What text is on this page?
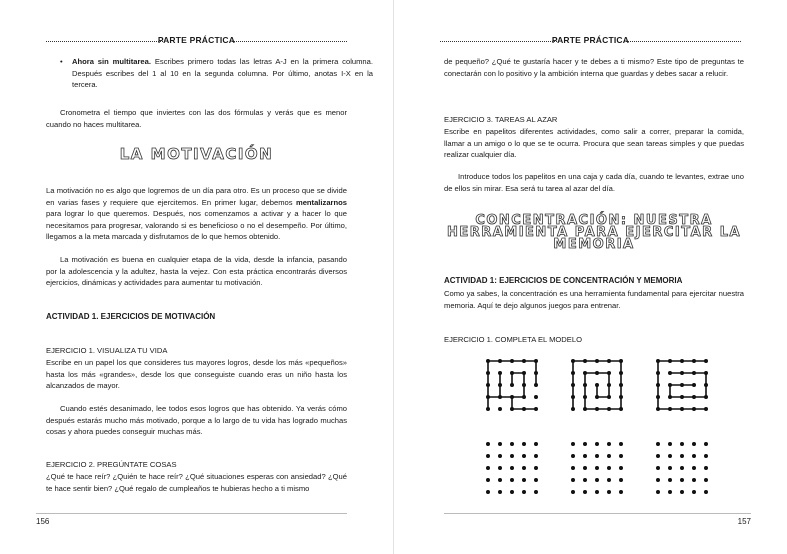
PARTE PRÁCTICA
• Ahora sin multitarea. Escribes primero todas las letras A-J en la primera columna. Después escribes del 1 al 10 en la segunda columna. Por último, anotas I-X en la tercera.
Cronometra el tiempo que inviertes con las dos fórmulas y verás que es menor cuando no haces multitarea.
LA MOTIVACIÓN
La motivación no es algo que logremos de un día para otro. Es un proceso que se divide en varias fases y requiere que ejercitemos. En primer lugar, debemos mentalizarnos para lograr lo que queremos. Después, nos comenzamos a activar y a hacer lo que necesitamos para progresar, valorando si es beneficioso o no el desempeño. Por último, llegamos a la meta marcada y disfrutamos de lo que hemos obtenido.
La motivación es buena en cualquier etapa de la vida, desde la infancia, pasando por la adolescencia y la adultez, hasta la vejez. Con esta práctica encontrarás diversos ejercicios, dinámicas y actividades para aumentar tu motivación.
ACTIVIDAD 1. EJERCICIOS DE MOTIVACIÓN
EJERCICIO 1. VISUALIZA TU VIDA
Escribe en un papel los que consideres tus mayores logros, desde los más «pequeños» hasta los más «grandes», desde los que conseguiste cuando eras un niño hasta los alcanzados de mayor.
Cuando estés desanimado, lee todos esos logros que has obtenido. Ya verás cómo después estarás mucho más motivado, porque a lo largo de tu vida has logrado muchas cosas y ahora puedes conseguir muchas más.
EJERCICIO 2. PREGÚNTATE COSAS
¿Qué te hace reír? ¿Quién te hace reír? ¿Qué situaciones esperas con ansiedad? ¿Qué te hace sentir bien? ¿Qué regalo de cumpleaños te hubieras hecho a ti mismo
156
PARTE PRÁCTICA
de pequeño? ¿Qué te gustaría hacer y te debes a ti mismo? Este tipo de preguntas te conectarán con lo positivo y la ambición interna que guardas y debes sacar a relucir.
EJERCICIO 3. TAREAS AL AZAR
Escribe en papelitos diferentes actividades, como salir a correr, preparar la comida, llamar a un amigo o lo que se te ocurra. Procura que sean tareas simples y que puedas realizar cualquier día.
Introduce todos los papelitos en una caja y cada día, cuando te levantes, extrae uno de ellos sin mirar. Esa será tu tarea al azar del día.
CONCENTRACIÓN: NUESTRA
HERRAMIENTA PARA EJERCITAR LA
MEMORIA
ACTIVIDAD 1: EJERCICIOS DE CONCENTRACIÓN Y MEMORIA
Como ya sabes, la concentración es una herramienta fundamental para ejercitar nuestra memoria. Aquí te dejo algunos juegos para entrenar.
EJERCICIO 1. COMPLETA EL MODELO
157
